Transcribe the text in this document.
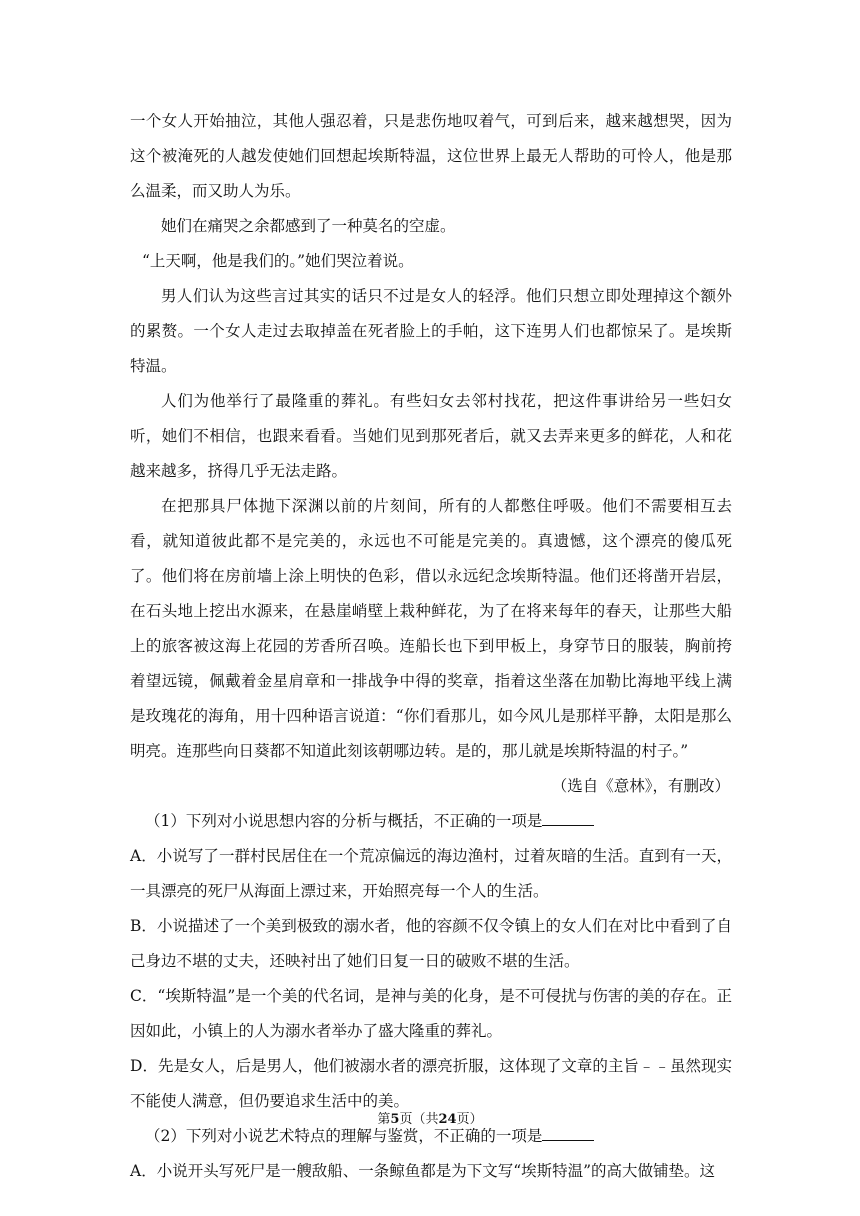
一个女人开始抽泣，其他人强忍着，只是悲伤地叹着气，可到后来，越来越想哭，因为这个被淹死的人越发使她们回想起埃斯特温，这位世界上最无人帮助的可怜人，他是那么温柔，而又助人为乐。

她们在痛哭之余都感到了一种莫名的空虚。

“上天啊，他是我们的。”她们哭泣着说。

男人们认为这些言过其实的话只不过是女人的轻浮。他们只想立即处理掉这个额外的累赘。一个女人走过去取掉盖在死者脸上的手帕，这下连男人们也都惊呆了。是埃斯特温。

人们为他举行了最隆重的葬礼。有些妇女去邻村找花，把这件事讲给另一些妇女听，她们不相信，也跟来看看。当她们见到那死者后，就又去弄来更多的鲜花，人和花越来越多，挤得几乎无法走路。

在把那具尸体抛下深渊以前的片刻间，所有的人都憋住呼吸。他们不需要相互去看，就知道彼此都不是完美的，永远也不可能是完美的。真遗憾，这个漂亮的傻瓜死了。他们将在房前墙上涂上明快的色彩，借以永远纪念埃斯特温。他们还将凿开岩层，在石头地上挖出水源来，在悬崖峭壁上栽种鲜花，为了在将来每年的春天，让那些大船上的旅客被这海上花园的芳香所召唤。连船长也下到甲板上，身穿节日的服装，胸前挎着望远镜，佩戴着金星肩章和一排战争中得的奖章，指着这坐落在加勒比海地平线上满是玫瑰花的海角，用十四种语言说道：“你们看那儿，如今风儿是那样平静，太阳是那么明亮。连那些向日葵都不知道此刻该朝哪边转。是的，那儿就是埃斯特温的村子。”

（选自《意林》，有删改）

（1）下列对小说思想内容的分析与概括，不正确的一项是

A．小说写了一群村民居住在一个荒凉偏远的海边渔村，过着灰暗的生活。直到有一天，一具漂亮的死尸从海面上漂过来，开始照亮每一个人的生活。

B．小说描述了一个美到极致的溺水者，他的容颜不仅令镇上的女人们在对比中看到了自己身边不堪的丈夫，还映衬出了她们日复一日的破败不堪的生活。

C．“埃斯特温”是一个美的代名词，是神与美的化身，是不可侵扰与伤害的美的存在。正因如此，小镇上的人为溺水者举办了盛大隆重的葬礼。

D．先是女人，后是男人，他们被溺水者的漂亮折服，这体现了文章的主旨﹣﹣虽然现实不能使人满意，但仍要追求生活中的美。

（2）下列对小说艺术特点的理解与鉴赏，不正确的一项是

A．小说开头写死尸是一艘敌船、一条鲸鱼都是为下文写“埃斯特温”的高大做铺垫。这

第5页（共24页）
